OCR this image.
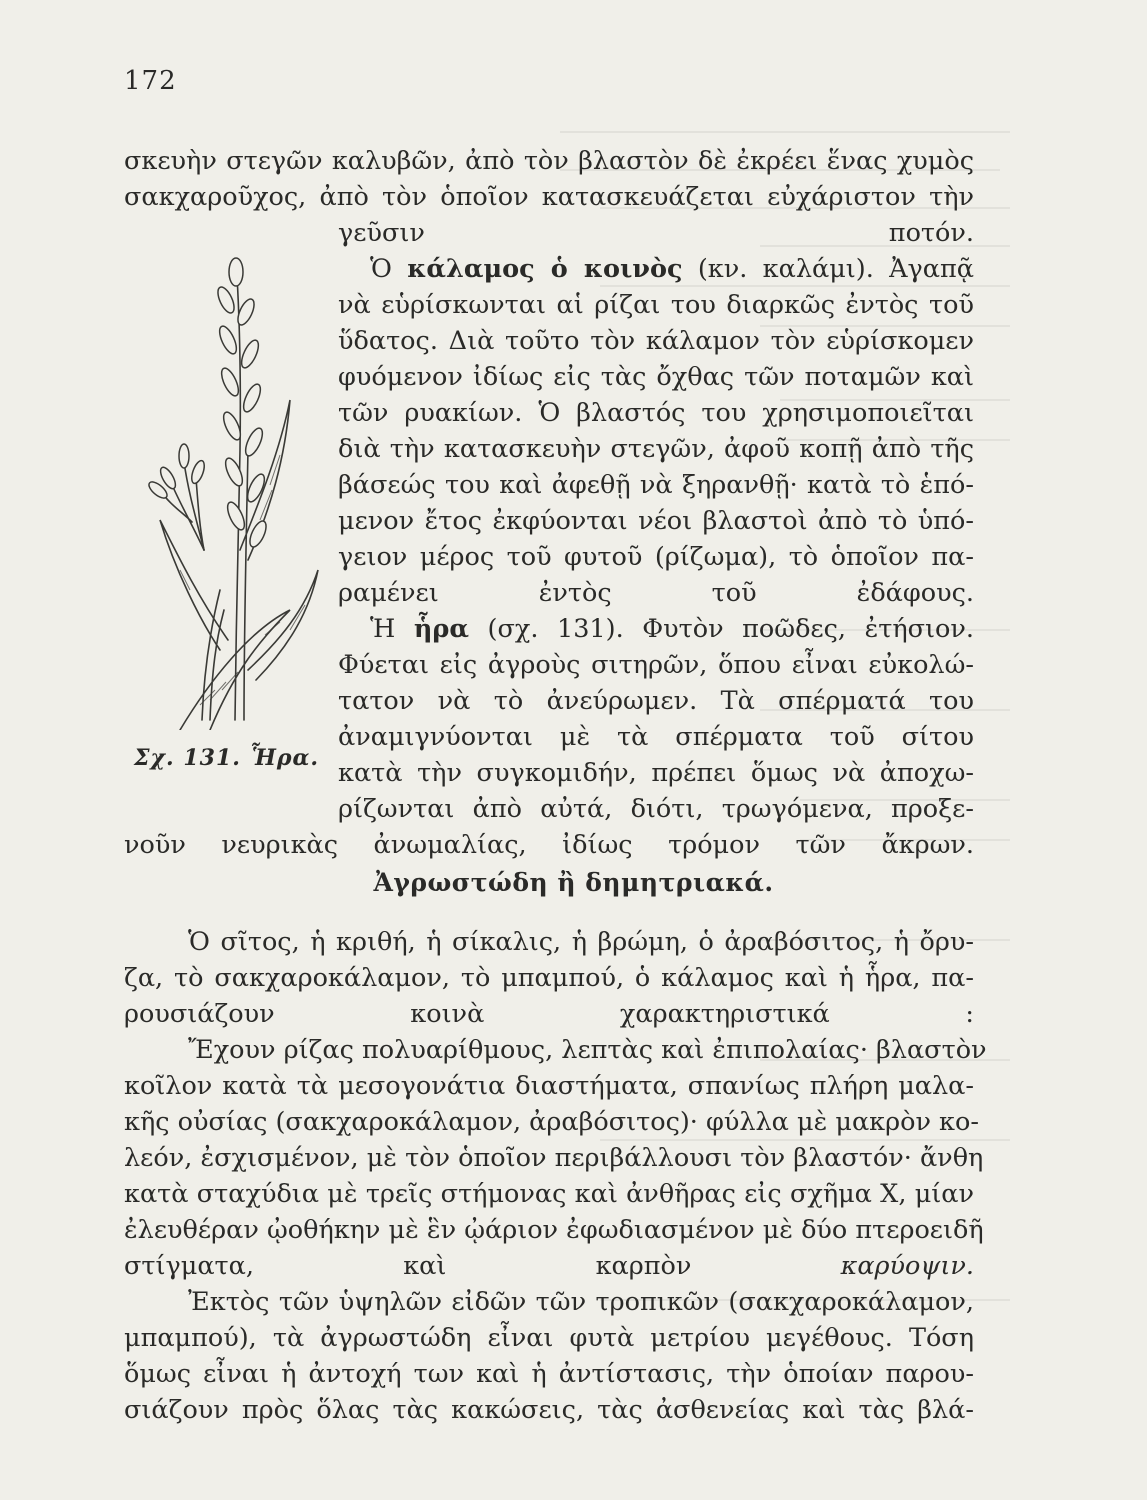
172
σκευὴν στεγῶν καλυβῶν, ἀπὸ τὸν βλαστὸν δὲ ἐκρέει ἕνας χυμὸς
σακχαροῦχος, ἀπὸ τὸν ὁποῖον κατασκευάζεται εὐχάριστον τὴν
γεῦσιν ποτόν.
Ὁ κάλαμος ὁ κοινὸς (κν. καλάμι). Ἀγαπᾷ
νὰ εὑρίσκωνται αἱ ρίζαι του διαρκῶς ἐντὸς τοῦ
ὕδατος. Διὰ τοῦτο τὸν κάλαμον τὸν εὑρίσκομεν
φυόμενον ἰδίως εἰς τὰς ὄχθας τῶν ποταμῶν καὶ
τῶν ρυακίων. Ὁ βλαστός του χρησιμοποιεῖται
διὰ τὴν κατασκευὴν στεγῶν, ἀφοῦ κοπῇ ἀπὸ τῆς
βάσεώς του καὶ ἀφεθῇ νὰ ξηρανθῇ· κατὰ τὸ ἑπό-
μενον ἔτος ἐκφύονται νέοι βλαστοὶ ἀπὸ τὸ ὑπό-
γειον μέρος τοῦ φυτοῦ (ρίζωμα), τὸ ὁποῖον πα-
ραμένει ἐντὸς τοῦ ἐδάφους.
Ἡ ἧρα (σχ. 131). Φυτὸν ποῶδες, ἐτήσιον.
Φύεται εἰς ἀγροὺς σιτηρῶν, ὅπου εἶναι εὐκολώ-
τατον νὰ τὸ ἀνεύρωμεν. Τὰ σπέρματά του
ἀναμιγνύονται μὲ τὰ σπέρματα τοῦ σίτου
κατὰ τὴν συγκομιδήν, πρέπει ὅμως νὰ ἀποχω-
ρίζωνται ἀπὸ αὐτά, διότι, τρωγόμενα, προξε-
νοῦν νευρικὰς ἀνωμαλίας, ἰδίως τρόμον τῶν ἄκρων.
Σχ. 131. Ἧρα.
Ἀγρωστώδη ἢ δημητριακά.
Ὁ σῖτος, ἡ κριθή, ἡ σίκαλις, ἡ βρώμη, ὁ ἀραβόσιτος, ἡ ὄρυ-
ζα, τὸ σακχαροκάλαμον, τὸ μπαμπού, ὁ κάλαμος καὶ ἡ ἧρα, πα-
ρουσιάζουν κοινὰ χαρακτηριστικά :
Ἔχουν ρίζας πολυαρίθμους, λεπτὰς καὶ ἐπιπολαίας· βλαστὸν
κοῖλον κατὰ τὰ μεσογονάτια διαστήματα, σπανίως πλήρη μαλα-
κῆς οὐσίας (σακχαροκάλαμον, ἀραβόσιτος)· φύλλα μὲ μακρὸν κο-
λεόν, ἐσχισμένον, μὲ τὸν ὁποῖον περιβάλλουσι τὸν βλαστόν· ἄνθη
κατὰ σταχύδια μὲ τρεῖς στήμονας καὶ ἀνθῆρας εἰς σχῆμα Χ, μίαν
ἐλευθέραν ᾠοθήκην μὲ ἓν ᾠάριον ἐφωδιασμένον μὲ δύο πτεροειδῆ
στίγματα, καὶ καρπὸν καρύοψιν.
Ἐκτὸς τῶν ὑψηλῶν εἰδῶν τῶν τροπικῶν (σακχαροκάλαμον,
μπαμπού), τὰ ἀγρωστώδη εἶναι φυτὰ μετρίου μεγέθους. Τόση
ὅμως εἶναι ἡ ἀντοχή των καὶ ἡ ἀντίστασις, τὴν ὁποίαν παρου-
σιάζουν πρὸς ὅλας τὰς κακώσεις, τὰς ἀσθενείας καὶ τὰς βλά-
